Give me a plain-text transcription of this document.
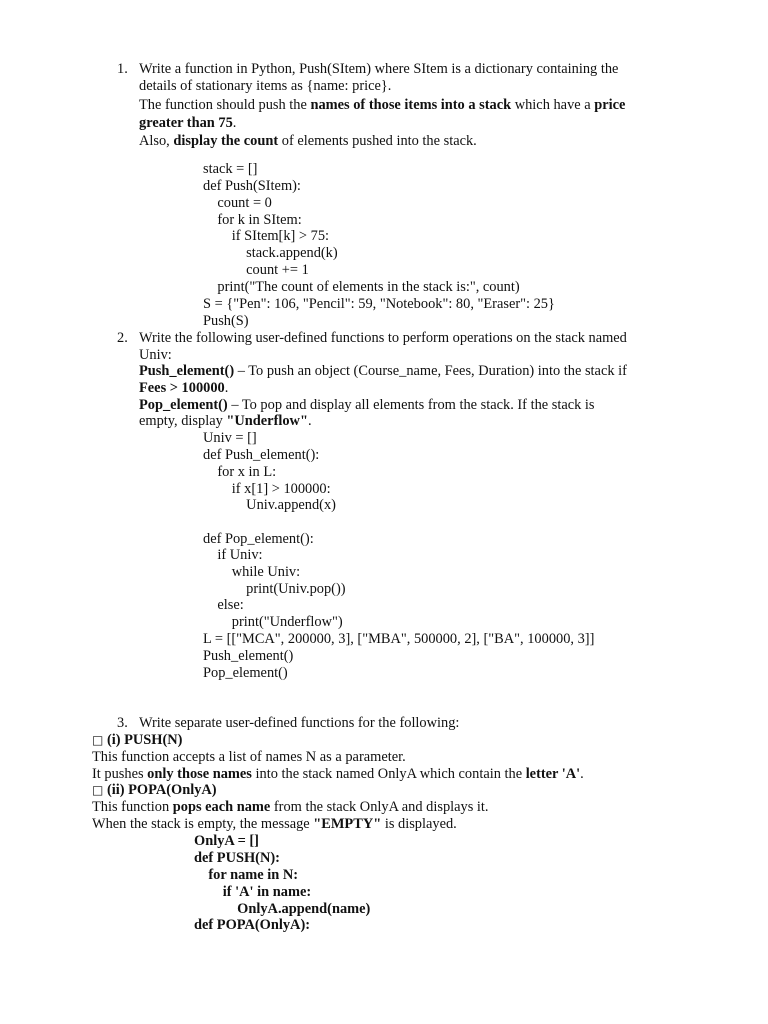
1. Write a function in Python, Push(SItem) where SItem is a dictionary containing the
details of stationary items as {name: price}.
The function should push the names of those items into a stack which have a price
greater than 75.
Also, display the count of elements pushed into the stack.
stack = []
def Push(SItem):
count = 0
for k in SItem:
if SItem[k] > 75:
stack.append(k)
count += 1
print("The count of elements in the stack is:", count)
S = {"Pen": 106, "Pencil": 59, "Notebook": 80, "Eraser": 25}
Push(S)
2. Write the following user-defined functions to perform operations on the stack named
Univ:
Push_element() – To push an object (Course_name, Fees, Duration) into the stack if
Fees > 100000.
Pop_element() – To pop and display all elements from the stack. If the stack is
empty, display "Underflow".
Univ = []
def Push_element():
for x in L:
if x[1] > 100000:
Univ.append(x)
def Pop_element():
if Univ:
while Univ:
print(Univ.pop())
else:
print("Underflow")
L = [["MCA", 200000, 3], ["MBA", 500000, 2], ["BA", 100000, 3]]
Push_element()
Pop_element()
3. Write separate user-defined functions for the following:
□ (i) PUSH(N)
This function accepts a list of names N as a parameter.
It pushes only those names into the stack named OnlyA which contain the letter 'A'.
□ (ii) POPA(OnlyA)
This function pops each name from the stack OnlyA and displays it.
When the stack is empty, the message "EMPTY" is displayed.
OnlyA = []
def PUSH(N):
for name in N:
if 'A' in name:
OnlyA.append(name)
def POPA(OnlyA):
